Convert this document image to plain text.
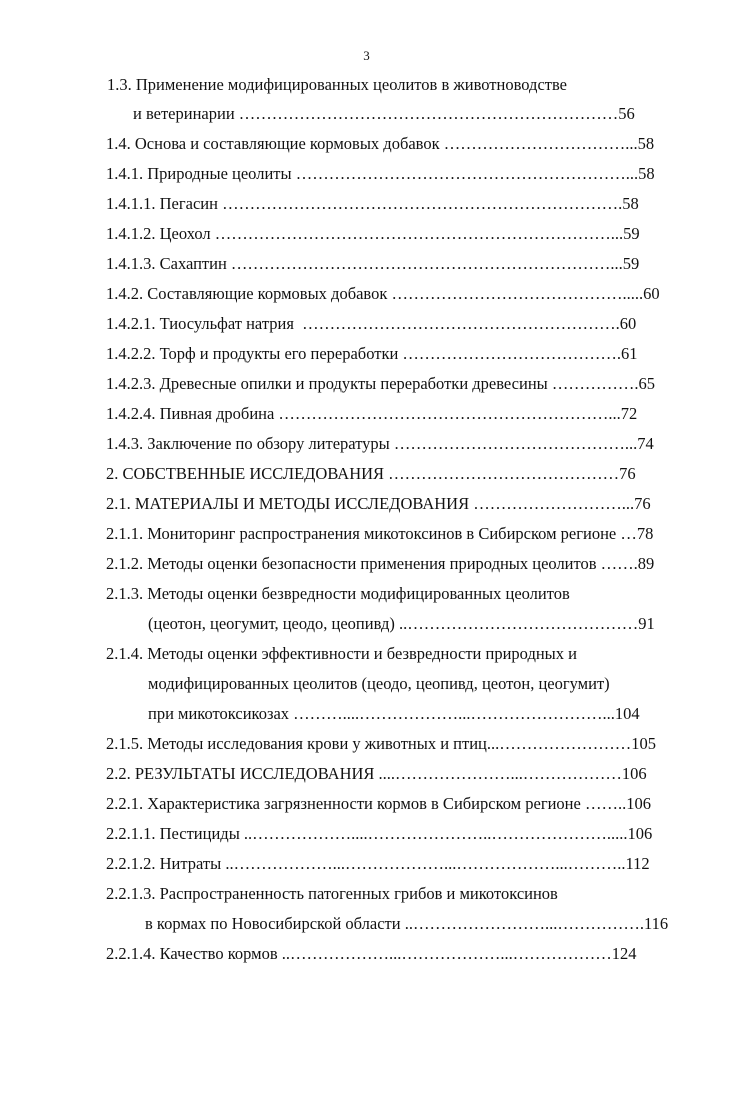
3
1.3. Применение модифицированных цеолитов в животноводстве
и ветеринарии ……………………………………………………………56
1.4. Основа и составляющие кормовых добавок ……………………………...58
1.4.1. Природные цеолиты ……………………………………………………...58
1.4.1.1. Пегасин ……………………………………………………………….58
1.4.1.2. Цеохол ………………………………………………………………...59
1.4.1.3. Сахаптин ……………………………………………………………...59
1.4.2. Составляющие кормовых добавок …………………………………….....60
1.4.2.1. Тиосульфат натрия  ………………………………………………….60
1.4.2.2. Торф и продукты его переработки ………………………………….61
1.4.2.3. Древесные опилки и продукты переработки древесины …………….65
1.4.2.4. Пивная дробина ……………………………………………………...72
1.4.3. Заключение по обзору литературы ……………………………………...74
2. СОБСТВЕННЫЕ ИССЛЕДОВАНИЯ ……………………………………76
2.1. МАТЕРИАЛЫ И МЕТОДЫ ИССЛЕДОВАНИЯ ………………………...76
2.1.1. Мониторинг распространения микотоксинов в Сибирском регионе …78
2.1.2. Методы оценки безопасности применения природных цеолитов …….89
2.1.3. Методы оценки безвредности модифицированных цеолитов
(цеотон, цеогумит, цеодо, цеопивд) ..……………………………………91
2.1.4. Методы оценки эффективности и безвредности природных и
модифицированных цеолитов (цеодо, цеопивд, цеотон, цеогумит)
при микотоксикозах ………....………………...……………………...104
2.1.5. Методы исследования крови у животных и птиц...……………………105
2.2. РЕЗУЛЬТАТЫ ИССЛЕДОВАНИЯ ....…………………...………………106
2.2.1. Характеристика загрязненности кормов в Сибирском регионе ……..106
2.2.1.1. Пестициды ..………………....…………………..………………….....106
2.2.1.2. Нитраты ..………………...………………...………………...………..112
2.2.1.3. Распространенность патогенных грибов и микотоксинов
в кормах по Новосибирской области ..……………………...…………….116
2.2.1.4. Качество кормов ..………………...………………...………………124
